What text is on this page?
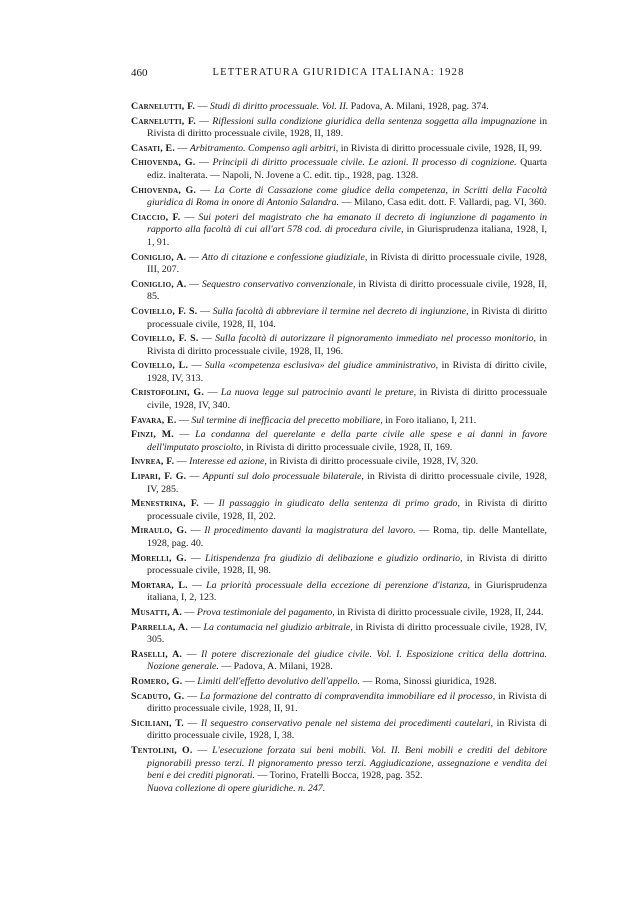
460	LETTERATURA GIURIDICA ITALIANA: 1928
Carnelutti, F. — Studi di diritto processuale. Vol. II. Padova, A. Milani, 1928, pag. 374.
Carnelutti, F. — Riflessioni sulla condizione giuridica della sentenza soggetta alla impugnazione in Rivista di diritto processuale civile, 1928, II, 189.
Casati, E. — Arbitramento. Compenso agli arbitri, in Rivista di diritto processuale civile, 1928, II, 99.
Chiovenda, G. — Principii di diritto processuale civile. Le azioni. Il processo di cognizione. Quarta ediz. inalterata. — Napoli, N. Jovene a C. edit. tip., 1928, pag. 1328.
Chiovenda, G. — La Corte di Cassazione come giudice della competenza, in Scritti della Facoltà giuridica di Roma in onore di Antonio Salandra. — Milano, Casa edit. dott. F. Vallardi, pag. VI, 360.
Ciaccio, F. — Sui poteri del magistrato che ha emanato il decreto di ingiunzione di pagamento in rapporto alla facoltà di cui all'art 578 cod. di procedura civile, in Giurisprudenza italiana, 1928, I, 1, 91.
Coniglio, A. — Atto di citazione e confessione giudiziale, in Rivista di diritto processuale civile, 1928, III, 207.
Coniglio, A. — Sequestro conservativo convenzionale, in Rivista di diritto processuale civile, 1928, II, 85.
Coviello, F. S. — Sulla facoltà di abbreviare il termine nel decreto di ingiunzione, in Rivista di diritto processuale civile, 1928, II, 104.
Coviello, F. S. — Sulla facoltà di autorizzare il pignoramento immediato nel processo monitorio, in Rivista di diritto processuale civile, 1928, II, 196.
Coviello, L. — Sulla «competenza esclusiva» del giudice amministrativo, in Rivista di diritto civile, 1928, IV, 313.
Cristofolini, G. — La nuova legge sul patrocinio avanti le preture, in Rivista di diritto processuale civile, 1928, IV, 340.
Favara, E. — Sul termine di inefficacia del precetto mobiliare, in Foro italiano, I, 211.
Finzi, M. — La condanna del querelante e della parte civile alle spese e ai danni in favore dell'imputato prosciolto, in Rivista di diritto processuale civile, 1928, II, 169.
Invrea, F. — Interesse ed azione, in Rivista di diritto processuale civile, 1928, IV, 320.
Lipari, F. G. — Appunti sul dolo processuale bilaterale, in Rivista di diritto processuale civile, 1928, IV, 285.
Menestrina, F. — Il passaggio in giudicato della sentenza di primo grado, in Rivista di diritto processuale civile, 1928, II, 202.
Miraulo, G. — Il procedimento davanti la magistratura del lavoro. — Roma, tip. delle Mantellate, 1928, pag. 40.
Morelli, G. — Litispendenza fra giudizio di delibazione e giudizio ordinario, in Rivista di diritto processuale civile, 1928, II, 98.
Mortara, L. — La priorità processuale della eccezione di perenzione d'istanza, in Giurisprudenza italiana, I, 2, 123.
Musatti, A. — Prova testimoniale del pagamento, in Rivista di diritto processuale civile, 1928, II, 244.
Parrella, A. — La contumacia nel giudizio arbitrale, in Rivista di diritto processuale civile, 1928, IV, 305.
Raselli, A. — Il potere discrezionale del giudice civile. Vol. I. Esposizione critica della dottrina. Nozione generale. — Padova, A. Milani, 1928.
Romero, G. — Limiti dell'effetto devolutivo dell'appello. — Roma, Sinossi giuridica, 1928.
Scaduto, G. — La formazione del contratto di compravendita immobiliare ed il processo, in Rivista di diritto processuale civile, 1928, II, 91.
Siciliani, T. — Il sequestro conservativo penale nel sistema dei procedimenti cautelari, in Rivista di diritto processuale civile, 1928, I, 38.
Tentolini, O. — L'esecuzione forzata sui beni mobili. Vol. II. Beni mobili e crediti del debitore pignorabili presso terzi. Il pignoramento presso terzi. Aggiudicazione, assegnazione e vendita dei beni e dei crediti pignorati. — Torino, Fratelli Bocca, 1928, pag. 352.
Nuova collezione di opere giuridiche. n. 247.
